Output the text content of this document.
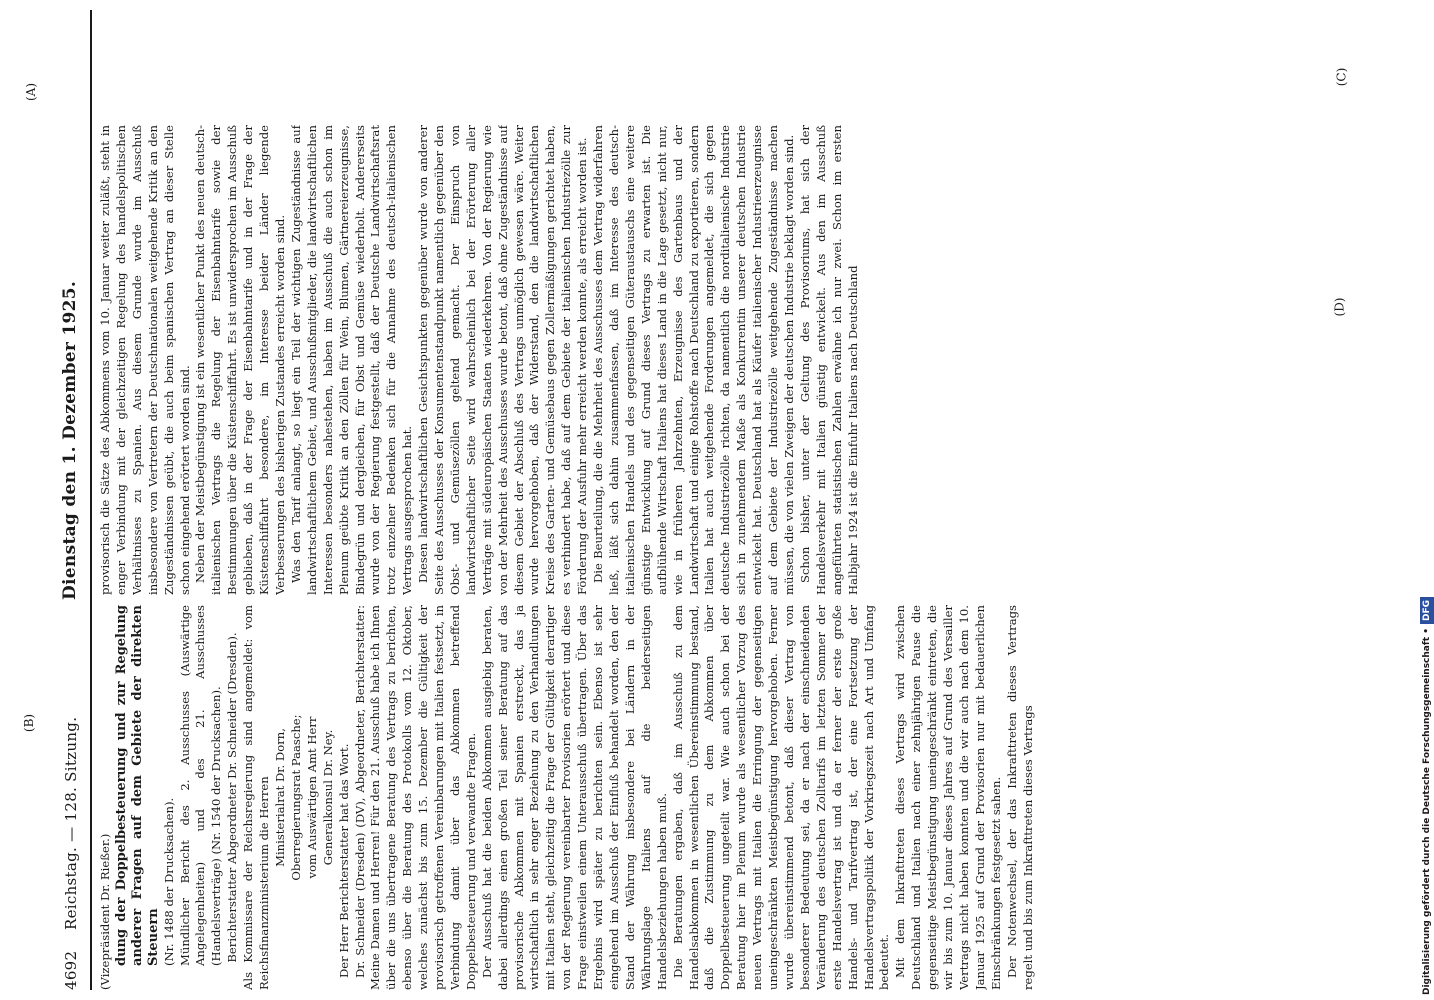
4692
Reichstag. — 128. Sitzung.
Dienstag den 1. Dezember 1925.

(Vizepräsident Dr. Rießer.) dung der Doppelbesteuerung und zur Regelung anderer Fragen auf dem Gebiete der direkten Steuern (Nr. 1488 der Drucksachen). Mündlicher Bericht des 2. Ausschusses (Auswärtige Angelegenheiten) und des 21. Ausschusses (Handelsverträge) (Nr. 1540 der Drucksachen). Berichterstatter Abgeordneter Dr. Schneider (Dresden). Als Kommissare der Reichsregierung sind angemeldet: vom Reichsfinanzministerium die Herren Ministerialrat Dr. Dorn, Oberregierungsrat Paasche; vom Auswärtigen Amt Herr Generalkonsul Dr. Ney. Der Herr Berichterstatter hat das Wort. Dr. Schneider (Dresden) (DV), Abgeordneter, Berichterstatter: Meine Damen und Herren! Für den 21. Ausschuß habe ich Ihnen über die uns übertragene Beratung des Vertrags zu berichten, ebenso über die Beratung des Protokolls vom 12. Oktober, welches zunächst bis zum 15. Dezember die Gültigkeit der provisorisch getroffenen Vereinbarungen mit Italien festsetzt, in Verbindung damit über das Abkommen betreffend Doppelbesteuerung und verwandte Fragen. Der Ausschuß hat die beiden Abkommen ausgiebig beraten, dabei allerdings einen großen Teil seiner Beratung auf das provisorische Abkommen mit Spanien erstreckt, das ja wirtschaftlich in sehr enger Beziehung zu den Verhandlungen mit Italien steht, gleichzeitig die Frage der Gültigkeit derartiger von der Regierung vereinbarter Provisorien erörtert und diese Frage einstweilen einem Unterausschuß übertragen. Über das Ergebnis wird später zu berichten sein. Ebenso ist sehr eingehend im Ausschuß der Einfluß behandelt worden, den der Stand der Währung insbesondere bei Ländern in der Währungslage Italiens auf die beiderseitigen Handelsbeziehungen haben muß. Die Beratungen ergaben, daß im Ausschuß zu dem Handelsabkommen in wesentlichen Übereinstimmung bestand, daß die Zustimmung zu dem Abkommen über Doppelbesteuerung ungeteilt war. Wie auch schon bei der Beratung hier im Plenum wurde als wesentlicher Vorzug des neuen Vertrags mit Italien die Erringung der gegenseitigen uneingeschränkten Meistbegünstigung hervorgehoben. Ferner wurde übereinstimmend betont, daß dieser Vertrag von besonderer Bedeutung sei, da er nach der einschneidenden Veränderung des deutschen Zolltarifs im letzten Sommer der erste Handelsvertrag ist und da er ferner der erste große Handels- und Tarifvertrag ist, der eine Fortsetzung der Handelsvertragspolitik der Vorkriegszeit nach Art und Umfang bedeutet. Mit dem Inkrafttreten dieses Vertrags wird zwischen Deutschland und Italien nach einer zehnjährigen Pause die gegenseitige Meistbegünstigung uneingeschränkt eintreten, die wir bis zum 10. Januar dieses Jahres auf Grund des Versailler Vertrags nicht haben konnten und die wir auch nach dem 10. Januar 1925 auf Grund der Provisorien nur mit bedauerlichen Einschränkungen festgesetzt sahen. Der Notenwechsel, der das Inkrafttreten dieses Vertrags regelt und bis zum Inkrafttreten dieses Vertrags

provisorisch die Sätze des Abkommens vom 10. Januar weiter zuläßt, steht in enger Verbindung mit der gleichzeitigen Regelung des handelspolitischen Verhältnisses zu Spanien. Aus diesem Grunde wurde im Ausschuß insbesondere von Vertretern der Deutschnationalen weitgehende Kritik an den Zugeständnissen geübt, die auch beim spanischen Vertrag an dieser Stelle schon eingehend erörtert worden sind. Neben der Meistbegünstigung ist ein wesentlicher Punkt des neuen deutsch-italienischen Vertrags die Regelung der Eisenbahntarife sowie der Bestimmungen über die Küstenschiffahrt. Es ist unwidersprochen im Ausschuß geblieben, daß in der Frage der Eisenbahntarife und in der Frage der Küstenschiffahrt besondere, im Interesse beider Länder liegende Verbesserungen des bisherigen Zustandes erreicht worden sind. Was den Tarif anlangt, so liegt ein Teil der wichtigen Zugeständnisse auf landwirtschaftlichem Gebiet, und Ausschußmitglieder, die landwirtschaftlichen Interessen besonders nahestehen, haben im Ausschuß die auch schon im Plenum geübte Kritik an den Zöllen für Wein, Blumen, Gärtnereierzeugnisse, Bindegrün und dergleichen, für Obst und Gemüse wiederholt. Andererseits wurde von der Regierung festgestellt, daß der Deutsche Landwirtschaftsrat trotz einzelner Bedenken sich für die Annahme des deutsch-italienischen Vertrags ausgesprochen hat. Diesen landwirtschaftlichen Gesichtspunkten gegenüber wurde von anderer Seite des Ausschusses der Konsumentenstandpunkt namentlich gegenüber den Obst- und Gemüsezöllen geltend gemacht. Der Einspruch von landwirtschaftlicher Seite wird wahrscheinlich bei der Erörterung aller Verträge mit südeuropäischen Staaten wiederkehren. Von der Regierung wie von der Mehrheit des Ausschusses wurde betont, daß ohne Zugeständnisse auf diesem Gebiet der Abschluß des Vertrags unmöglich gewesen wäre. Weiter wurde hervorgehoben, daß der Widerstand, den die landwirtschaftlichen Kreise des Garten- und Gemüsebaus gegen Zollermäßigungen gerichtet haben, es verhindert habe, daß auf dem Gebiete der italienischen Industriezölle zur Förderung der Ausfuhr mehr erreicht werden konnte, als erreicht worden ist. Die Beurteilung, die die Mehrheit des Ausschusses dem Vertrag widerfahren ließ, läßt sich dahin zusammenfassen, daß im Interesse des deutsch-italienischen Handels und des gegenseitigen Güteraustauschs eine weitere günstige Entwicklung auf Grund dieses Vertrags zu erwarten ist. Die aufblühende Wirtschaft Italiens hat dieses Land in die Lage gesetzt, nicht nur, wie in früheren Jahrzehnten, Erzeugnisse des Gartenbaus und der Landwirtschaft und einige Rohstoffe nach Deutschland zu exportieren, sondern Italien hat auch weitgehende Forderungen angemeldet, die sich gegen deutsche Industriezölle richten, da namentlich die norditalienische Industrie sich in zunehmendem Maße als Konkurrentin unserer deutschen Industrie entwickelt hat. Deutschland hat als Käufer italienischer Industrieerzeugnisse auf dem Gebiete der Industriezölle weitgehende Zugeständnisse machen müssen, die von vielen Zweigen der deutschen Industrie beklagt worden sind. Schon bisher, unter der Geltung des Provisoriums, hat sich der Handelsverkehr mit Italien günstig entwickelt. Aus den im Ausschuß angeführten statistischen Zahlen erwähne ich nur zwei. Schon im ersten Halbjahr 1924 ist die Einfuhr Italiens nach Deutschland

(A)
(B)
(C)
(D)
Digitalisierung gefördert durch die Deutsche Forschungsgemeinschaft •DFG
